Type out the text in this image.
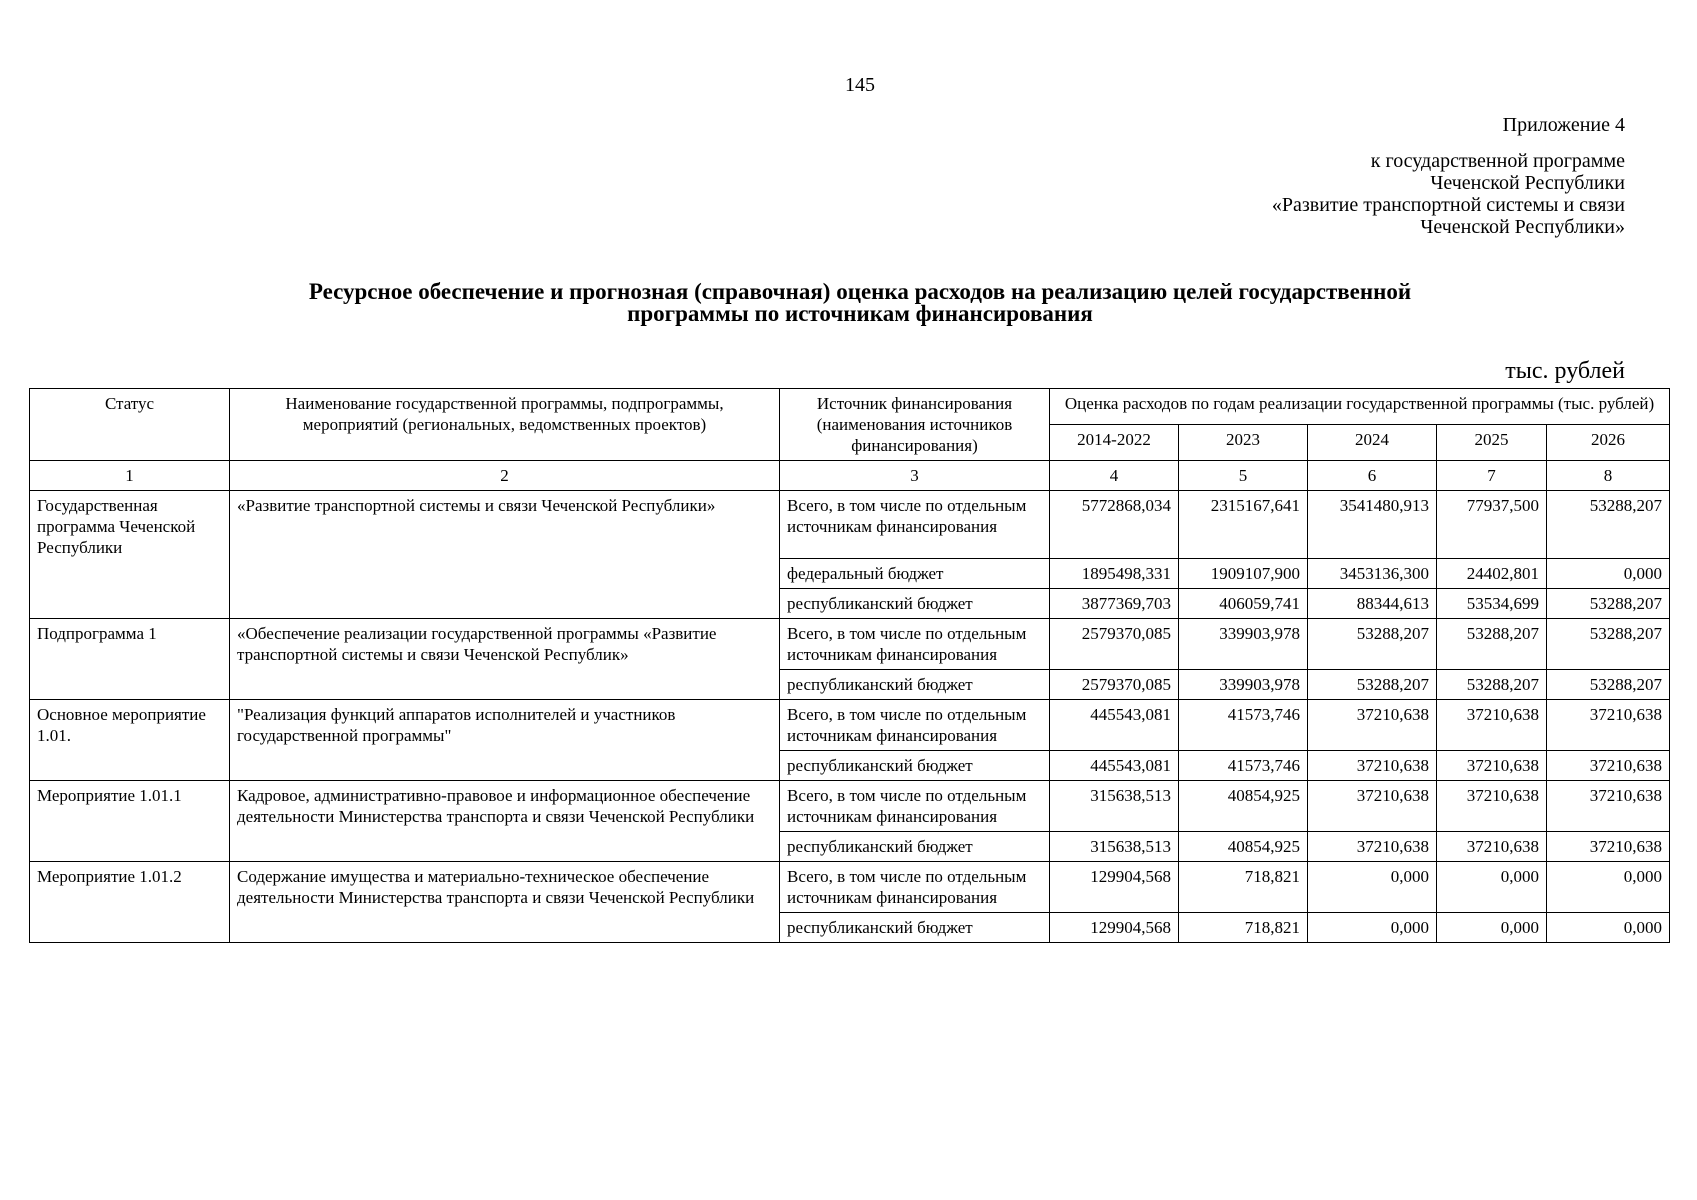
145
Приложение 4
к государственной программе
Чеченской Республики
«Развитие транспортной системы и связи
Чеченской Республики»
Ресурсное обеспечение и прогнозная (справочная) оценка расходов на реализацию целей государственной
программы по источникам финансирования
тыс. рублей
Статус	Наименование государственной программы, подпрограммы, мероприятий (региональных, ведомственных проектов)	Источник финансирования (наименования источников финансирования)	Оценка расходов по годам реализации государственной программы (тыс. рублей)				
			2014-2022	2023	2024	2025	2026
1	2	3	4	5	6	7	8
Государственная программа Чеченской Республики	«Развитие транспортной системы и связи Чеченской Республики»	Всего, в том числе по отдельным источникам финансирования	5772868,034	2315167,641	3541480,913	77937,500	53288,207
		федеральный бюджет	1895498,331	1909107,900	3453136,300	24402,801	0,000
		республиканский бюджет	3877369,703	406059,741	88344,613	53534,699	53288,207
Подпрограмма 1	«Обеспечение реализации государственной программы «Развитие транспортной системы и связи Чеченской Республик»	Всего, в том числе по отдельным источникам финансирования	2579370,085	339903,978	53288,207	53288,207	53288,207
		республиканский бюджет	2579370,085	339903,978	53288,207	53288,207	53288,207
Основное мероприятие 1.01.	"Реализация функций аппаратов исполнителей и участников государственной программы"	Всего, в том числе по отдельным источникам финансирования	445543,081	41573,746	37210,638	37210,638	37210,638
		республиканский бюджет	445543,081	41573,746	37210,638	37210,638	37210,638
Мероприятие 1.01.1	Кадровое, административно-правовое и информационное обеспечение деятельности Министерства транспорта и связи Чеченской Республики	Всего, в том числе по отдельным источникам финансирования	315638,513	40854,925	37210,638	37210,638	37210,638
		республиканский бюджет	315638,513	40854,925	37210,638	37210,638	37210,638
Мероприятие 1.01.2	Содержание имущества и материально-техническое обеспечение деятельности Министерства транспорта и связи Чеченской Республики	Всего, в том числе по отдельным источникам финансирования	129904,568	718,821	0,000	0,000	0,000
		республиканский бюджет	129904,568	718,821	0,000	0,000	0,000
